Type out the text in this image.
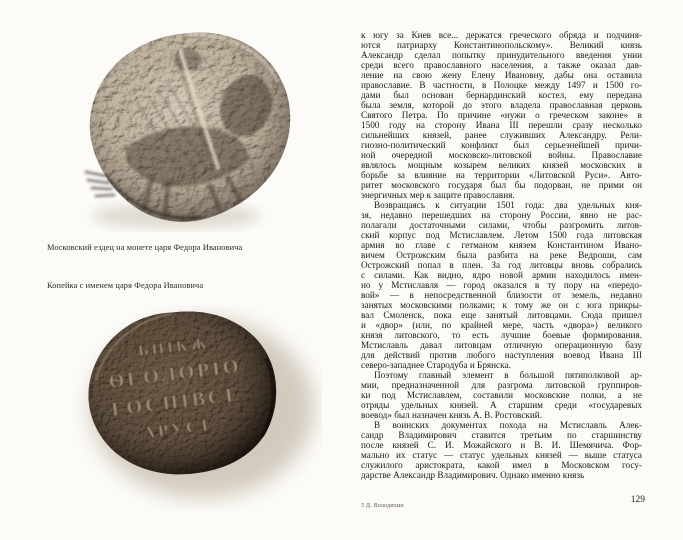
Московский ездец на монете царя Федора Ивановича
Копейка с именем царя Федора Ивановича
ЬНІКЖ
ѲЕОЛОРІО
ГОСПІВСЕ
АРУСІ
к югу за Киев все... держатся греческого обряда и подчиня-
ются патриарху Константинопольскому». Великий князь
Александр сделал попытку принудительного введения унии
среди всего православного населения, а также оказал дав-
ление на свою жену Елену Ивановну, дабы она оставила
православие. В частности, в Полоцке между 1497 и 1500 го-
дами был основан бернардинский костел, ему передана
была земля, которой до этого владела православная церковь
Святого Петра. По причине «нужи о греческом законе» в
1500 году на сторону Ивана III перешли сразу несколько
сильнейших князей, ранее служивших Александру. Рели-
гиозно-политический конфликт был серьезнейшей причи-
ной очередной московско-литовской войны. Православие
являлось мощным козырем великих князей московских в
борьбе за влияние на территории «Литовской Руси». Авто-
ритет московского государя был бы подорван, не прими он
энергичных мер к защите православия.
Возвращаясь к ситуации 1501 года: два удельных кня-
зя, недавно перешедших на сторону России, явно не рас-
полагали достаточными силами, чтобы разгромить литов-
ский корпус под Мстиславлем. Летом 1500 года литовская
армия во главе с гетманом князем Константином Ивано-
вичем Острожским была разбита на реке Ведроши, сам
Острожский попал в плен. За год литовцы вновь собрались
с силами. Как видно, ядро новой армии находилось имен-
но у Мстиславля — город оказался в ту пору на «передо-
вой» — в непосредственной близости от земель, недавно
занятых московскими полками; к тому же он с юга прикры-
вал Смоленск, пока еще занятый литовцами. Сюда пришел
и «двор» (или, по крайней мере, часть «двора») великого
князя литовского, то есть лучшие боевые формирования.
Мстиславль давал литовцам отличную операционную базу
для действий против любого наступления воевод Ивана III
северо-западнее Стародуба и Брянска.
Поэтому главный элемент в большой пятиполковой ар-
мии, предназначенной для разгрома литовской группиров-
ки под Мстиславлем, составили московские полки, а не
отряды удельных князей. А старшим среди «государевых
воевод» был назначен князь А. В. Ростовский.
В воинских документах похода на Мстиславль Алек-
сандр Владимирович ставится третьим по старшинству
после князей С. И. Можайского и В. И. Шемячича. Фор-
мально их статус — статус удельных князей — выше статуса
служилого аристократа, какой имел в Московском госу-
дарстве Александр Владимирович. Однако именно князь
5 Д. Володихин
129
